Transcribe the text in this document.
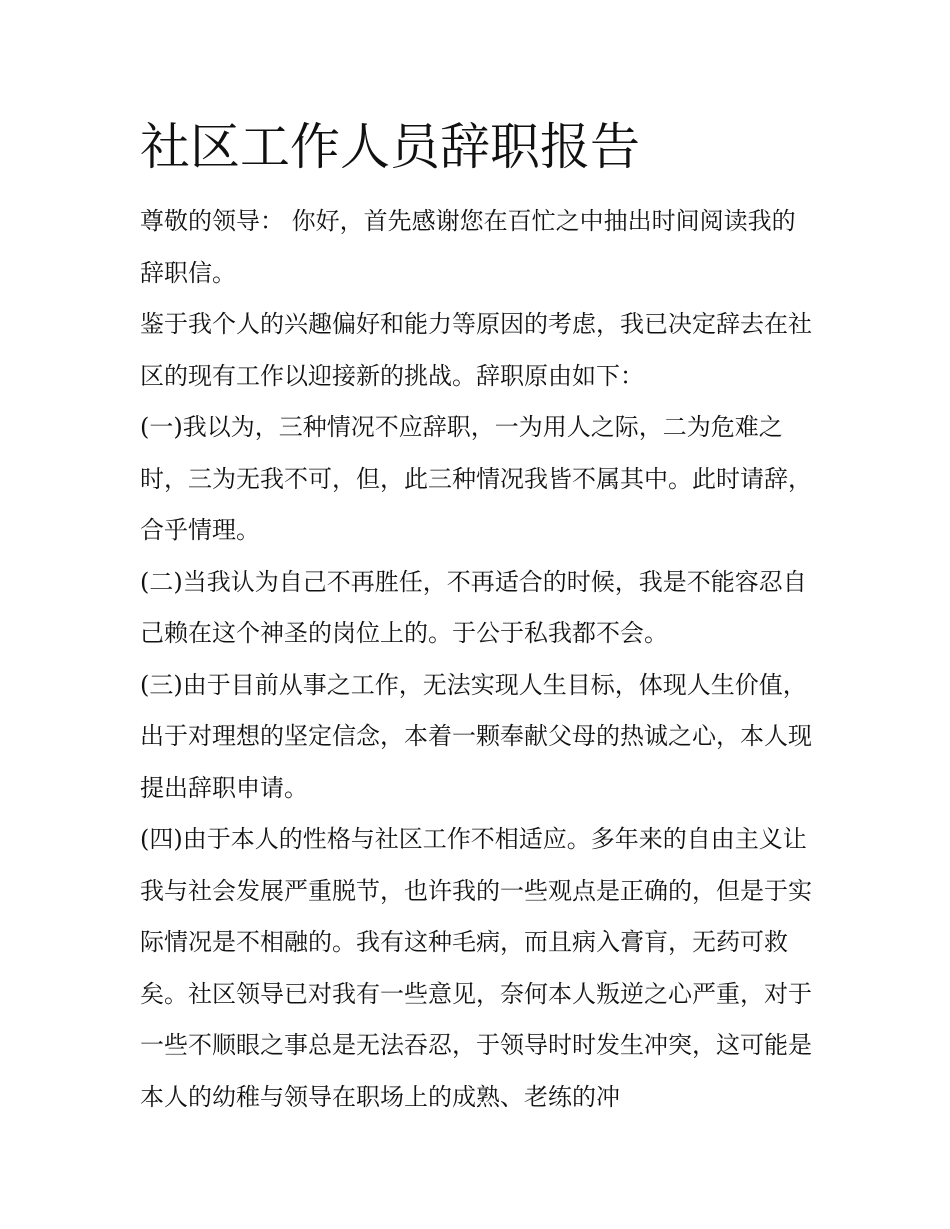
社区工作人员辞职报告

尊敬的领导： 你好，首先感谢您在百忙之中抽出时间阅读我的辞职信。

鉴于我个人的兴趣偏好和能力等原因的考虑，我已决定辞去在社区的现有工作以迎接新的挑战。辞职原由如下：

(一)我以为，三种情况不应辞职，一为用人之际，二为危难之时，三为无我不可，但，此三种情况我皆不属其中。此时请辞，合乎情理。

(二)当我认为自己不再胜任，不再适合的时候，我是不能容忍自己赖在这个神圣的岗位上的。于公于私我都不会。

(三)由于目前从事之工作，无法实现人生目标，体现人生价值，出于对理想的坚定信念，本着一颗奉献父母的热诚之心，本人现提出辞职申请。

(四)由于本人的性格与社区工作不相适应。多年来的自由主义让我与社会发展严重脱节，也许我的一些观点是正确的，但是于实际情况是不相融的。我有这种毛病，而且病入膏肓，无药可救矣。社区领导已对我有一些意见，奈何本人叛逆之心严重，对于一些不顺眼之事总是无法吞忍，于领导时时发生冲突，这可能是本人的幼稚与领导在职场上的成熟、老练的冲
